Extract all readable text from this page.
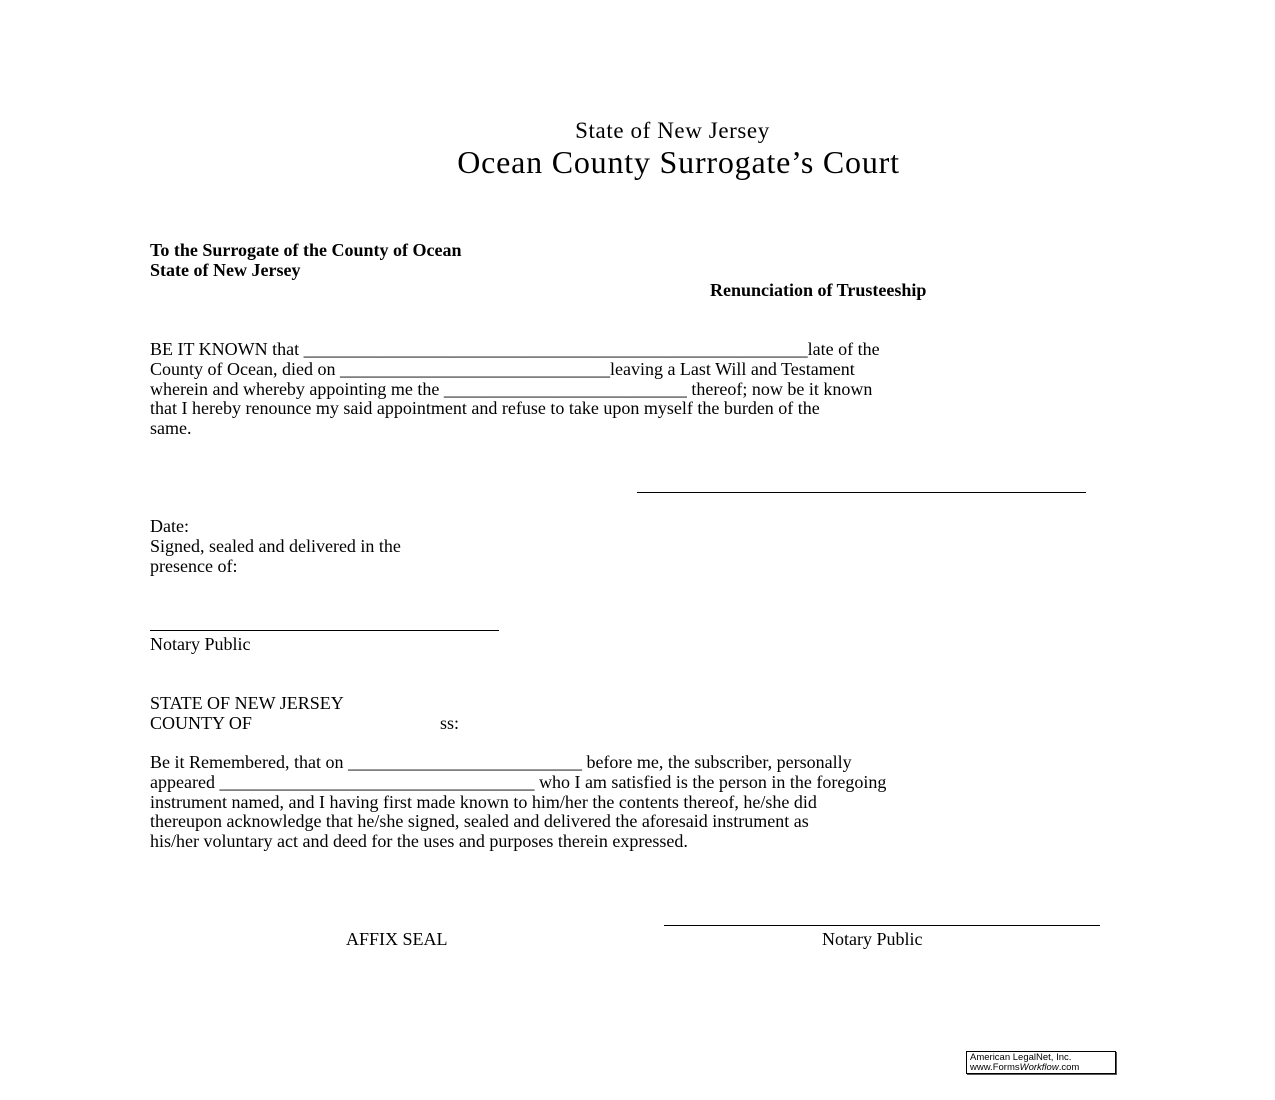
State of New Jersey
Ocean County Surrogate’s Court
To the Surrogate of the County of Ocean
State of New Jersey
Renunciation of Trusteeship
BE IT KNOWN that ________________________________________________________late of the
County of Ocean, died on ______________________________leaving a Last Will and Testament
wherein and whereby appointing me the ___________________________ thereof; now be it known
that I hereby renounce my said appointment and refuse to take upon myself the burden of the
same.
Date:
Signed, sealed and delivered in the
presence of:
Notary Public
STATE OF NEW JERSEY
COUNTY OF	ss:
Be it Remembered, that on __________________________ before me, the subscriber, personally
appeared ___________________________________ who I am satisfied is the person in the foregoing
instrument named, and I having first made known to him/her the contents thereof, he/she did
thereupon acknowledge that he/she signed, sealed and delivered the aforesaid instrument as
his/her voluntary act and deed for the uses and purposes therein expressed.
AFFIX SEAL	Notary Public
American LegalNet, Inc.
www.FormsWorkflow.com
